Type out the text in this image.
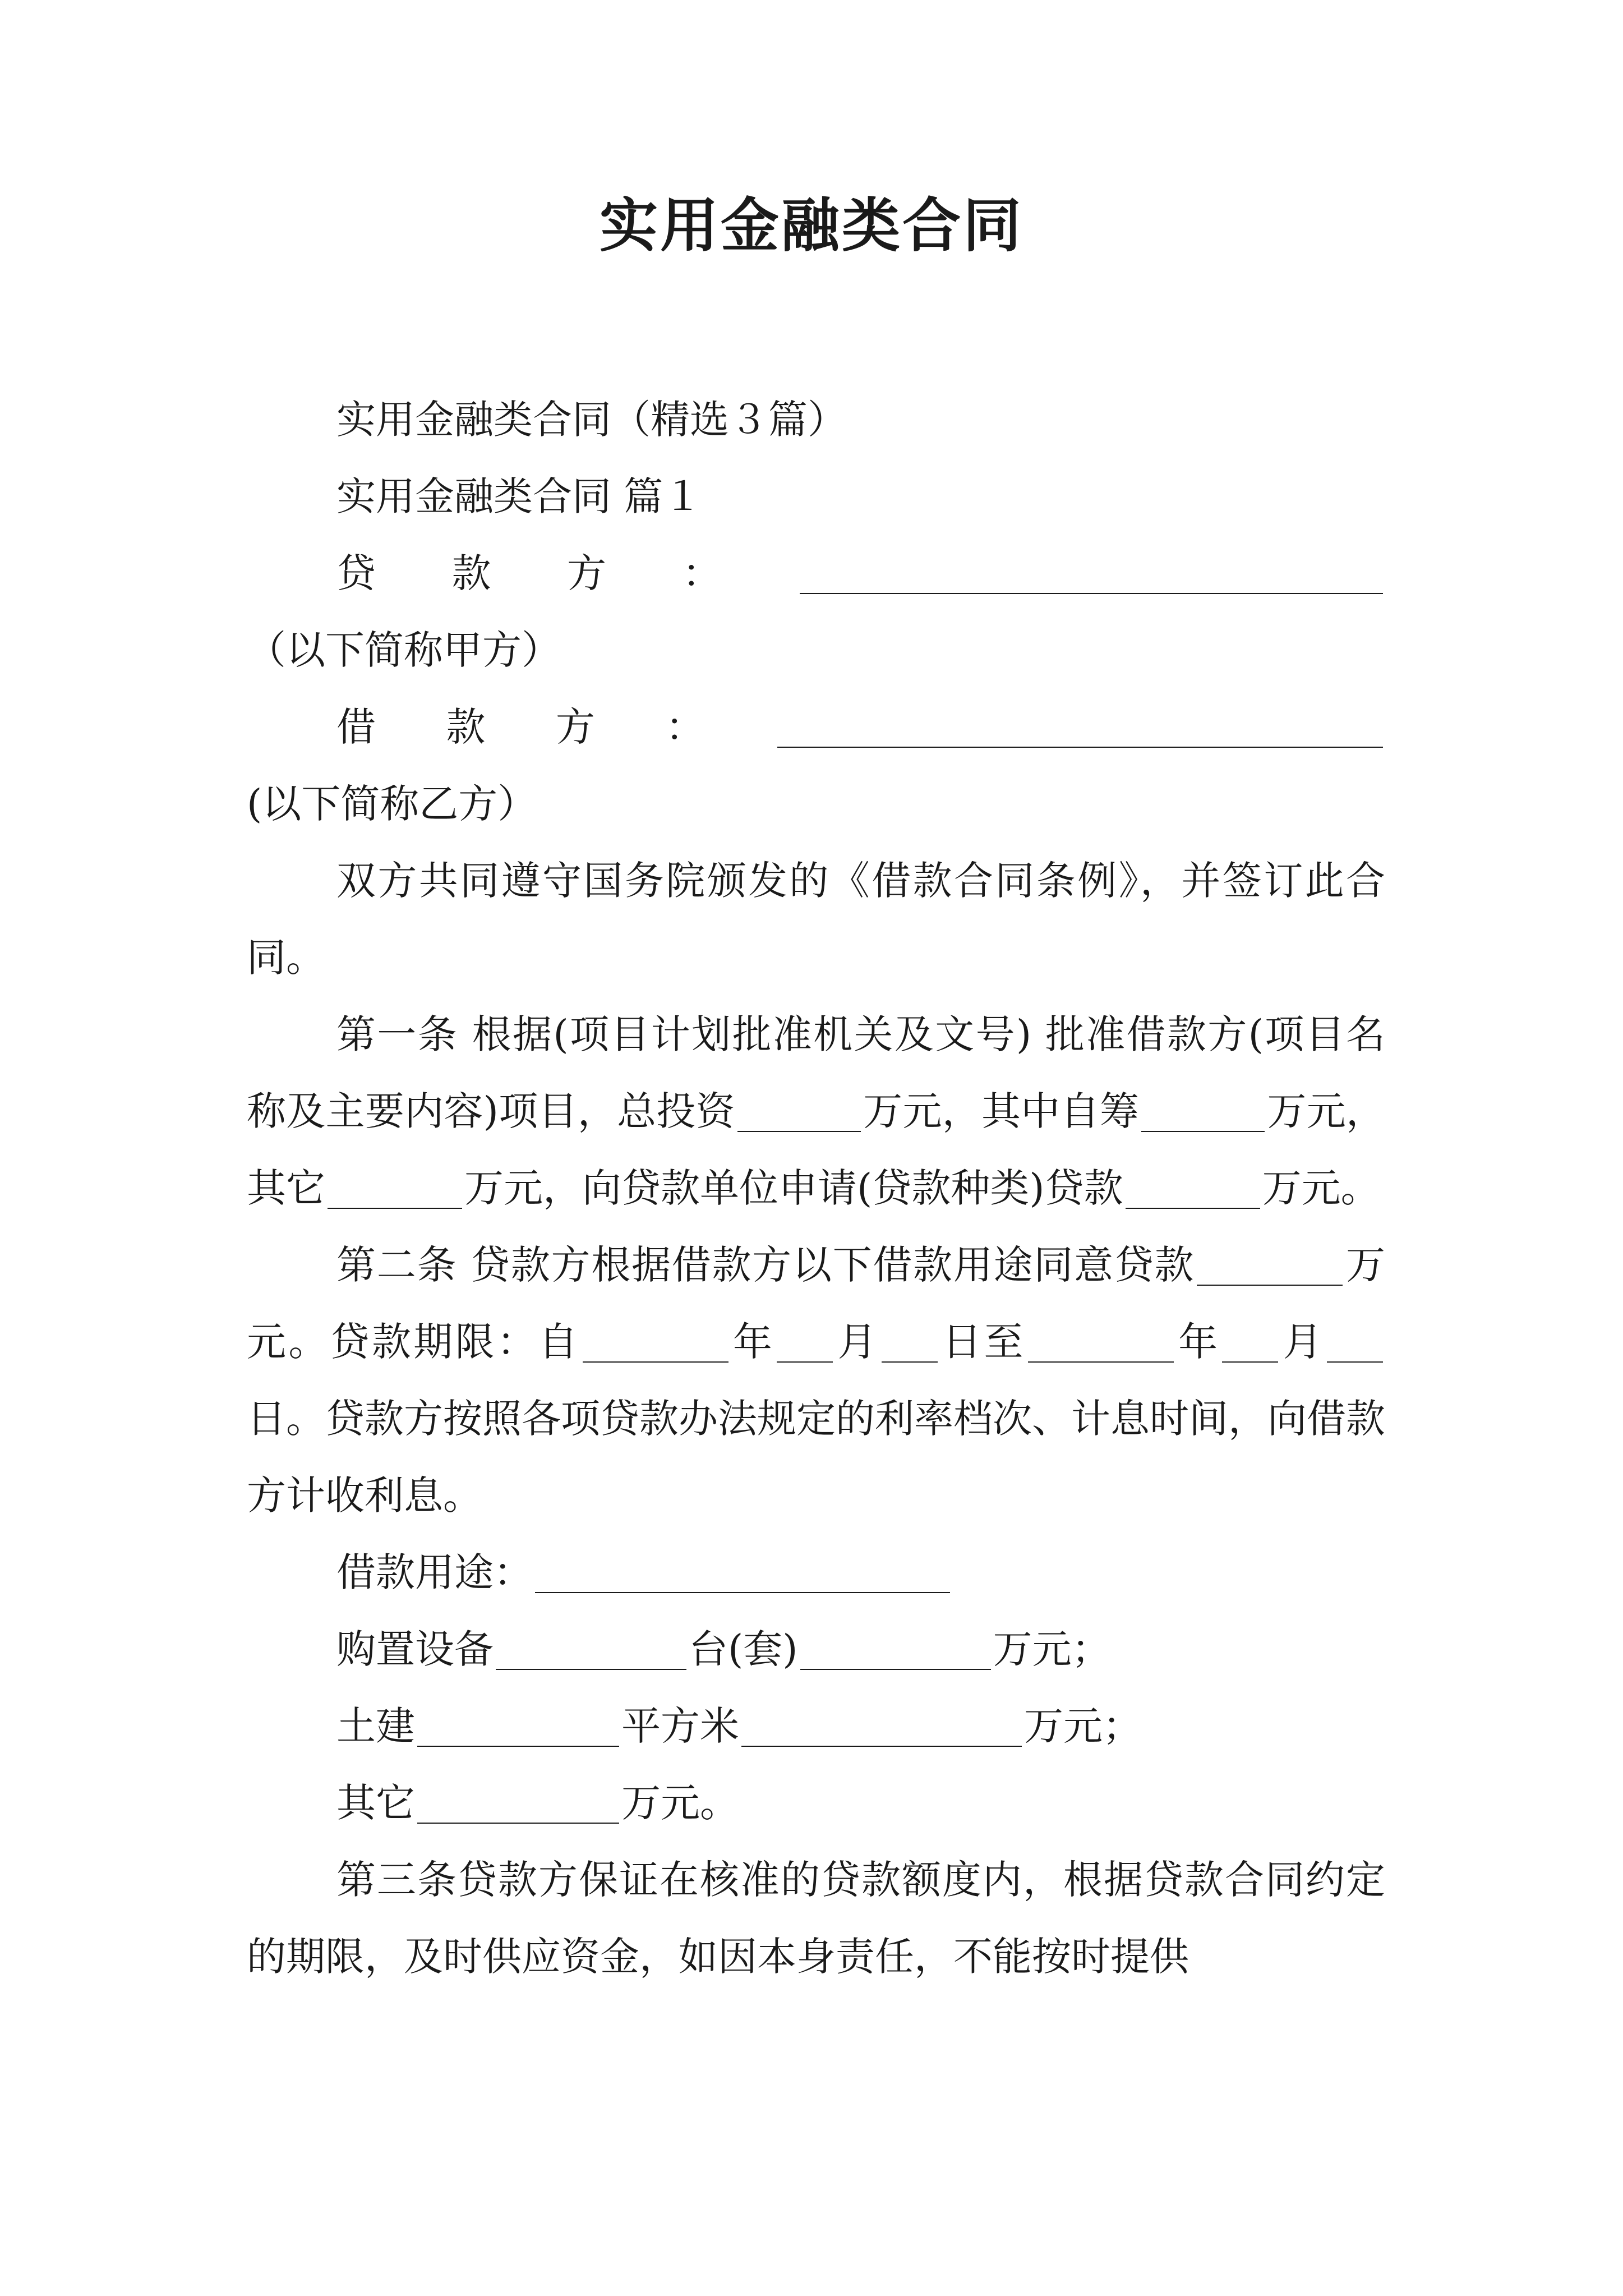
实用金融类合同

实用金融类合同（精选３篇）

实用金融类合同 篇１

贷款方：（以下简称甲方）

借款方：(以下简称乙方）

双方共同遵守国务院颁发的《借款合同条例》，并签订此合同。

第一条 根据(项目计划批准机关及文号) 批准借款方(项目名称及主要内容)项目，总投资	万元，其中自筹	万元，其它	万元，向贷款单位申请(贷款种类)贷款	万元。

第二条 贷款方根据借款方以下借款用途同意贷款	万元。贷款期限：自	年 月 日至	年 月日。贷款方按照各项贷款办法规定的利率档次、计息时间，向借款方计收利息。

借款用途：

购置设备	台(套)	万元；

土建	平方米	万元；

其它	万元。

第三条贷款方保证在核准的贷款额度内，根据贷款合同约定的期限，及时供应资金，如因本身责任，不能按时提供
